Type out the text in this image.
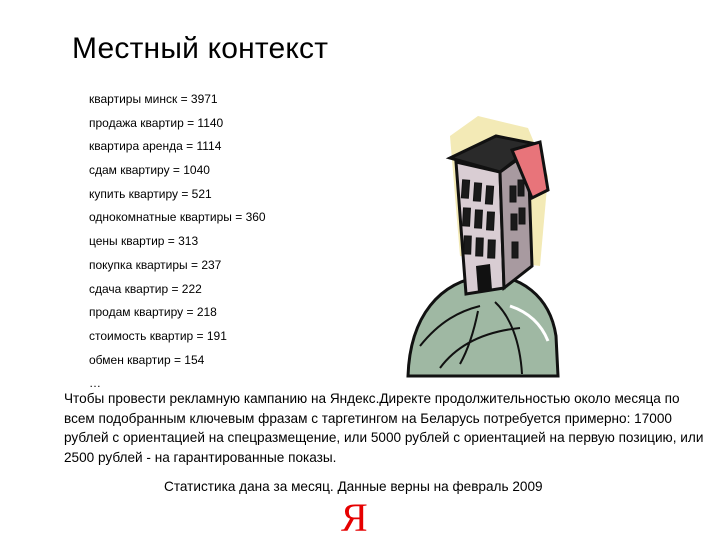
Местный контекст
квартиры минск = 3971
продажа квартир = 1140
квартира аренда = 1114
сдам квартиру = 1040
купить квартиру = 521
однокомнатные квартиры = 360
цены квартир = 313
покупка квартиры = 237
сдача квартир = 222
продам квартиру = 218
стоимость квартир = 191
обмен квартир = 154
…

Чтобы провести рекламную кампанию на Яндекс.Директе продолжительностью около месяца по всем подобранным ключевым фразам с таргетингом на Беларусь потребуется примерно: 17000 рублей с ориентацией на спецразмещение, или 5000 рублей с ориентацией на первую позицию, или 2500 рублей - на гарантированные показы.

Статистика дана за месяц. Данные верны на февраль 2009

Я
